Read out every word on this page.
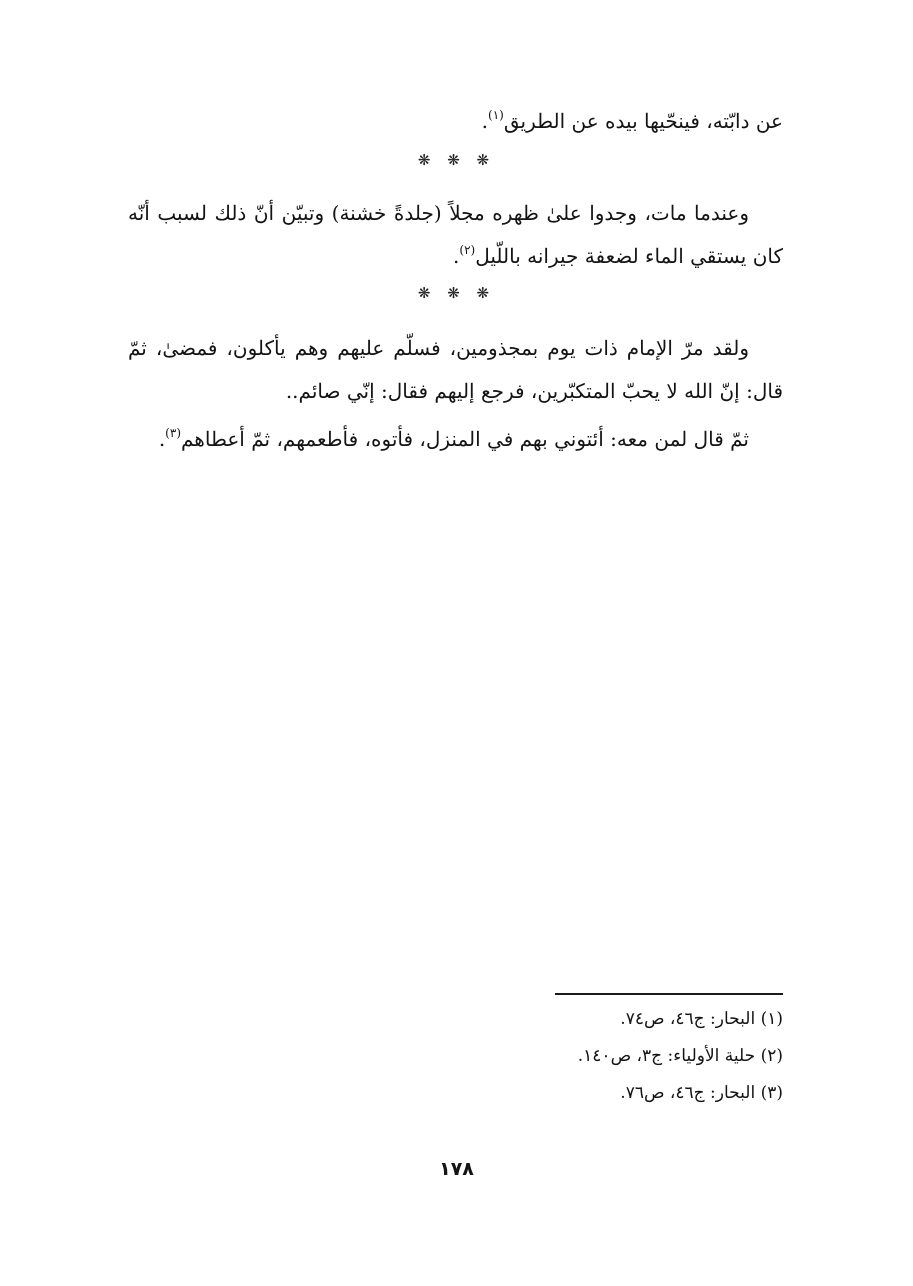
عن دابّته، فينحّيها بيده عن الطريق$^{(١)}$.
❋ ❋ ❋
وعندما مات، وجدوا علىٰ ظهره مجلاً (جلدةً خشنة) وتبيّن أنّ ذلك لسبب أنّه كان يستقي الماء لضعفة جيرانه باللّيل$^{(٢)}$.
❋ ❋ ❋
ولقد مرّ الإمام ذات يوم بمجذومين، فسلّم عليهم وهم يأكلون، فمضىٰ، ثمّ قال: إنّ الله لا يحبّ المتكبّرين، فرجع إليهم فقال: إنّي صائم..
ثمّ قال لمن معه: أئتوني بهم في المنزل، فأتوه، فأطعمهم، ثمّ أعطاهم$^{(٣)}$.
(١) البحار: ج٤٦، ص٧٤.
(٢) حلية الأولياء: ج٣، ص١٤٠.
(٣) البحار: ج٤٦، ص٧٦.
١٧٨
